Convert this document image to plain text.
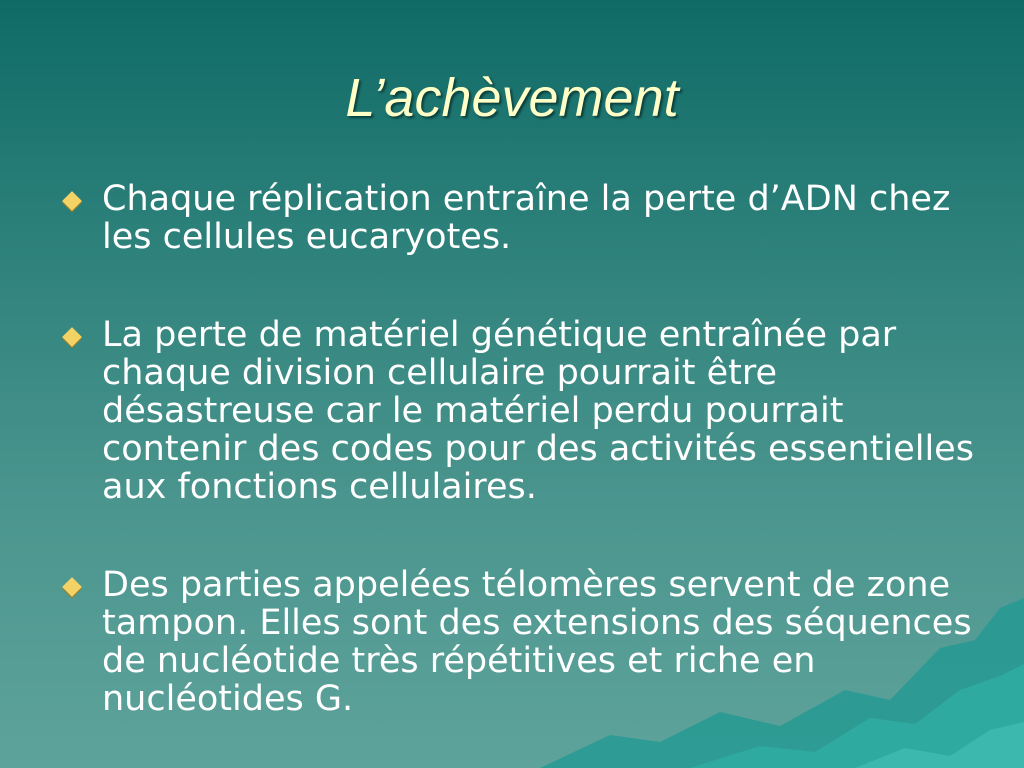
L’achèvement
Chaque réplication entraîne la perte d’ADN chez les cellules eucaryotes.
La perte de matériel génétique entraînée par chaque division cellulaire pourrait être désastreuse car le matériel perdu pourrait contenir des codes pour des activités essentielles aux fonctions cellulaires.
Des parties appelées télomères servent de zone tampon. Elles sont des extensions des séquences de nucléotide très répétitives et riche en nucléotides G.
